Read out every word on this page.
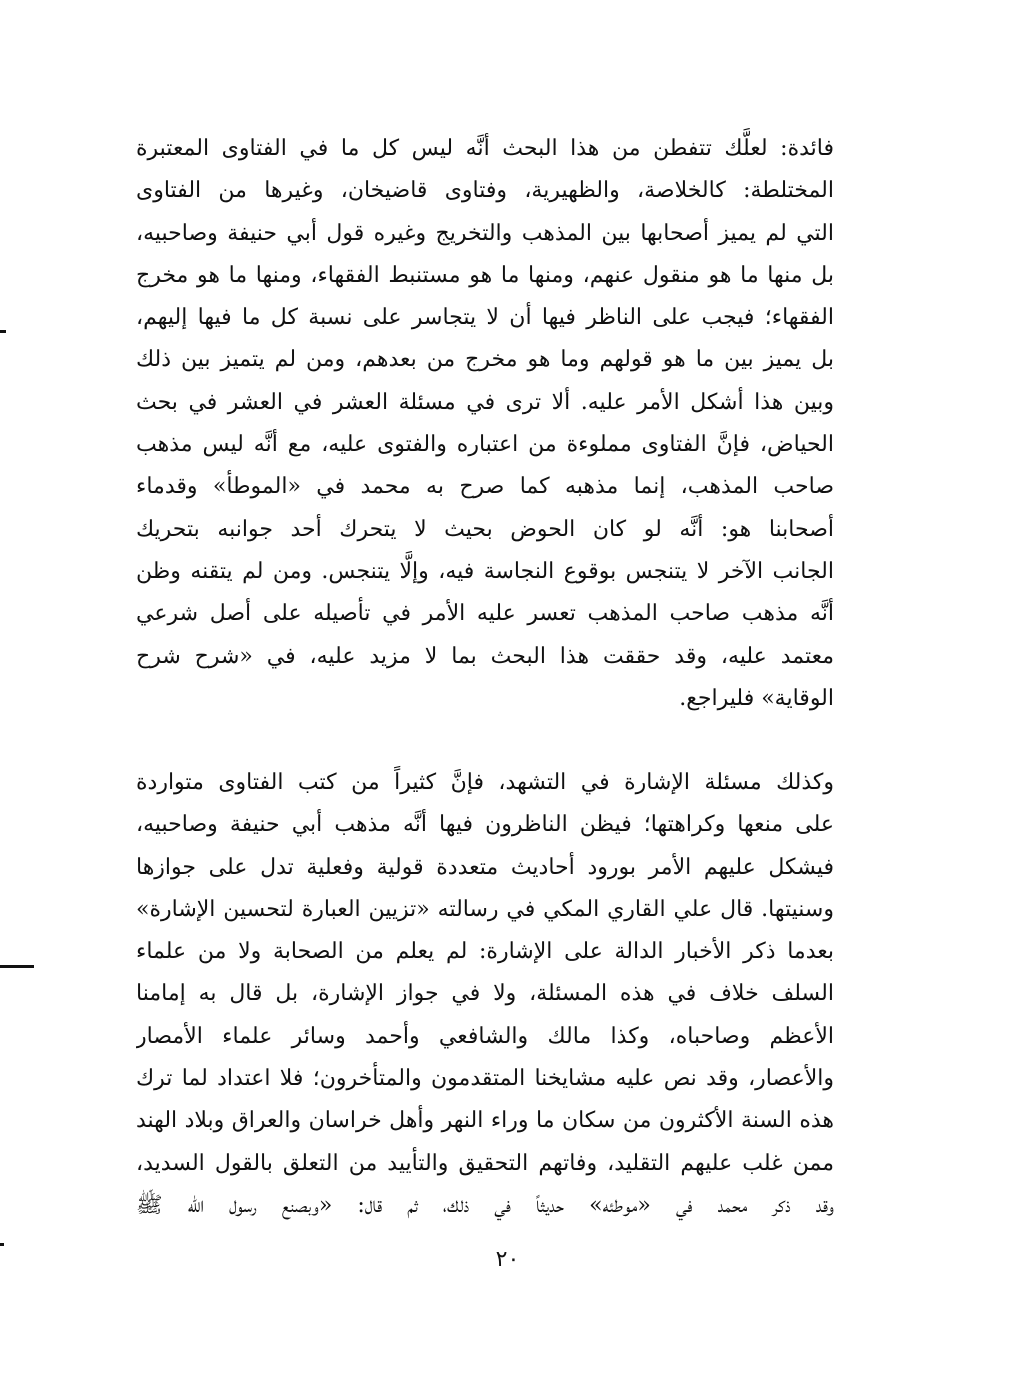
فائدة: لعلَّك تتفطن من هذا البحث أنَّه ليس كل ما في الفتاوى المعتبرة
المختلطة: كالخلاصة، والظهيرية، وفتاوى قاضيخان، وغيرها من الفتاوى
التي لم يميز أصحابها بين المذهب والتخريج وغيره قول أبي حنيفة وصاحبيه،
بل منها ما هو منقول عنهم، ومنها ما هو مستنبط الفقهاء، ومنها ما هو مخرج
الفقهاء؛ فيجب على الناظر فيها أن لا يتجاسر على نسبة كل ما فيها إليهم،
بل يميز بين ما هو قولهم وما هو مخرج من بعدهم، ومن لم يتميز بين ذلك
وبين هذا أشكل الأمر عليه. ألا ترى في مسئلة العشر في العشر في بحث
الحياض، فإنَّ الفتاوى مملوءة من اعتباره والفتوى عليه، مع أنَّه ليس مذهب
صاحب المذهب، إنما مذهبه كما صرح به محمد في «الموطأ» وقدماء
أصحابنا هو: أنَّه لو كان الحوض بحيث لا يتحرك أحد جوانبه بتحريك
الجانب الآخر لا يتنجس بوقوع النجاسة فيه، وإلَّا يتنجس. ومن لم يتقنه وظن
أنَّه مذهب صاحب المذهب تعسر عليه الأمر في تأصيله على أصل شرعي
معتمد عليه، وقد حققت هذا البحث بما لا مزيد عليه، في «شرح شرح
الوقاية» فليراجع.
وكذلك مسئلة الإشارة في التشهد، فإنَّ كثيراً من كتب الفتاوى متواردة
على منعها وكراهتها؛ فيظن الناظرون فيها أنَّه مذهب أبي حنيفة وصاحبيه،
فيشكل عليهم الأمر بورود أحاديث متعددة قولية وفعلية تدل على جوازها
وسنيتها. قال علي القاري المكي في رسالته «تزيين العبارة لتحسين الإشارة»
بعدما ذكر الأخبار الدالة على الإشارة: لم يعلم من الصحابة ولا من علماء
السلف خلاف في هذه المسئلة، ولا في جواز الإشارة، بل قال به إمامنا
الأعظم وصاحباه، وكذا مالك والشافعي وأحمد وسائر علماء الأمصار
والأعصار، وقد نص عليه مشايخنا المتقدمون والمتأخرون؛ فلا اعتداد لما ترك
هذه السنة الأكثرون من سكان ما وراء النهر وأهل خراسان والعراق وبلاد الهند
ممن غلب عليهم التقليد، وفاتهم التحقيق والتأييد من التعلق بالقول السديد،
وقد ذكر محمد في «موطئه» حديثاً في ذلك، ثم قال: «وبصنع رسول الله ﷺ
٢٠
